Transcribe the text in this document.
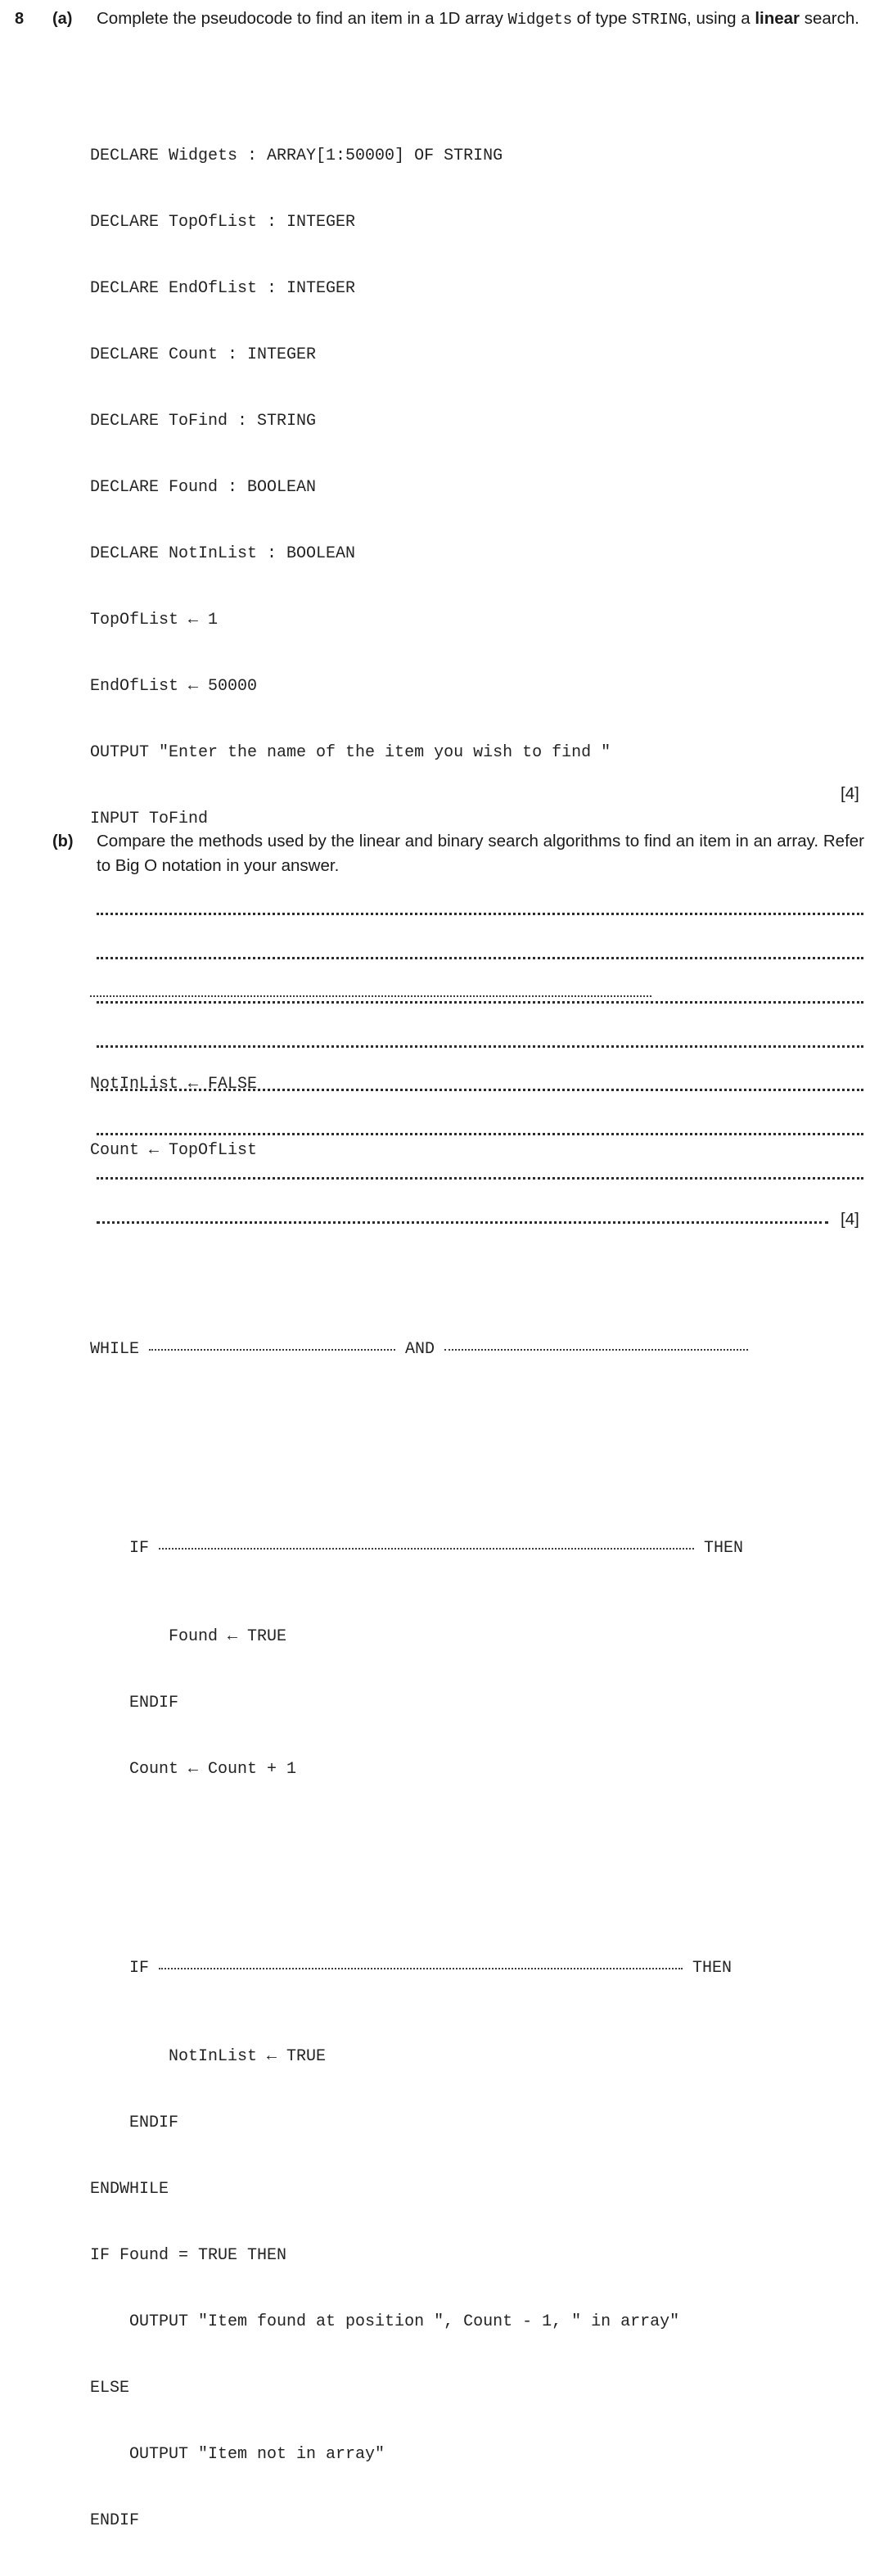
8 (a) Complete the pseudocode to find an item in a 1D array Widgets of type STRING, using a linear search.

DECLARE Widgets : ARRAY[1:50000] OF STRING

DECLARE TopOfList : INTEGER

DECLARE EndOfList : INTEGER

DECLARE Count : INTEGER

DECLARE ToFind : STRING

DECLARE Found : BOOLEAN

DECLARE NotInList : BOOLEAN

TopOfList ← 1

EndOfList ← 50000

OUTPUT "Enter the name of the item you wish to find "

INPUT ToFind

NotInList ← FALSE

Count ← TopOfList

WHILE	AND

IF	THEN

Found ← TRUE

ENDIF

Count ← Count + 1

IF	THEN

NotInList ← TRUE

ENDIF

ENDWHILE

IF Found = TRUE THEN

OUTPUT "Item found at position ", Count - 1, " in array"

ELSE

OUTPUT "Item not in array"

ENDIF

[4]
(b) Compare the methods used by the linear and binary search algorithms to find an item in an array. Refer to Big O notation in your answer.
[4]
